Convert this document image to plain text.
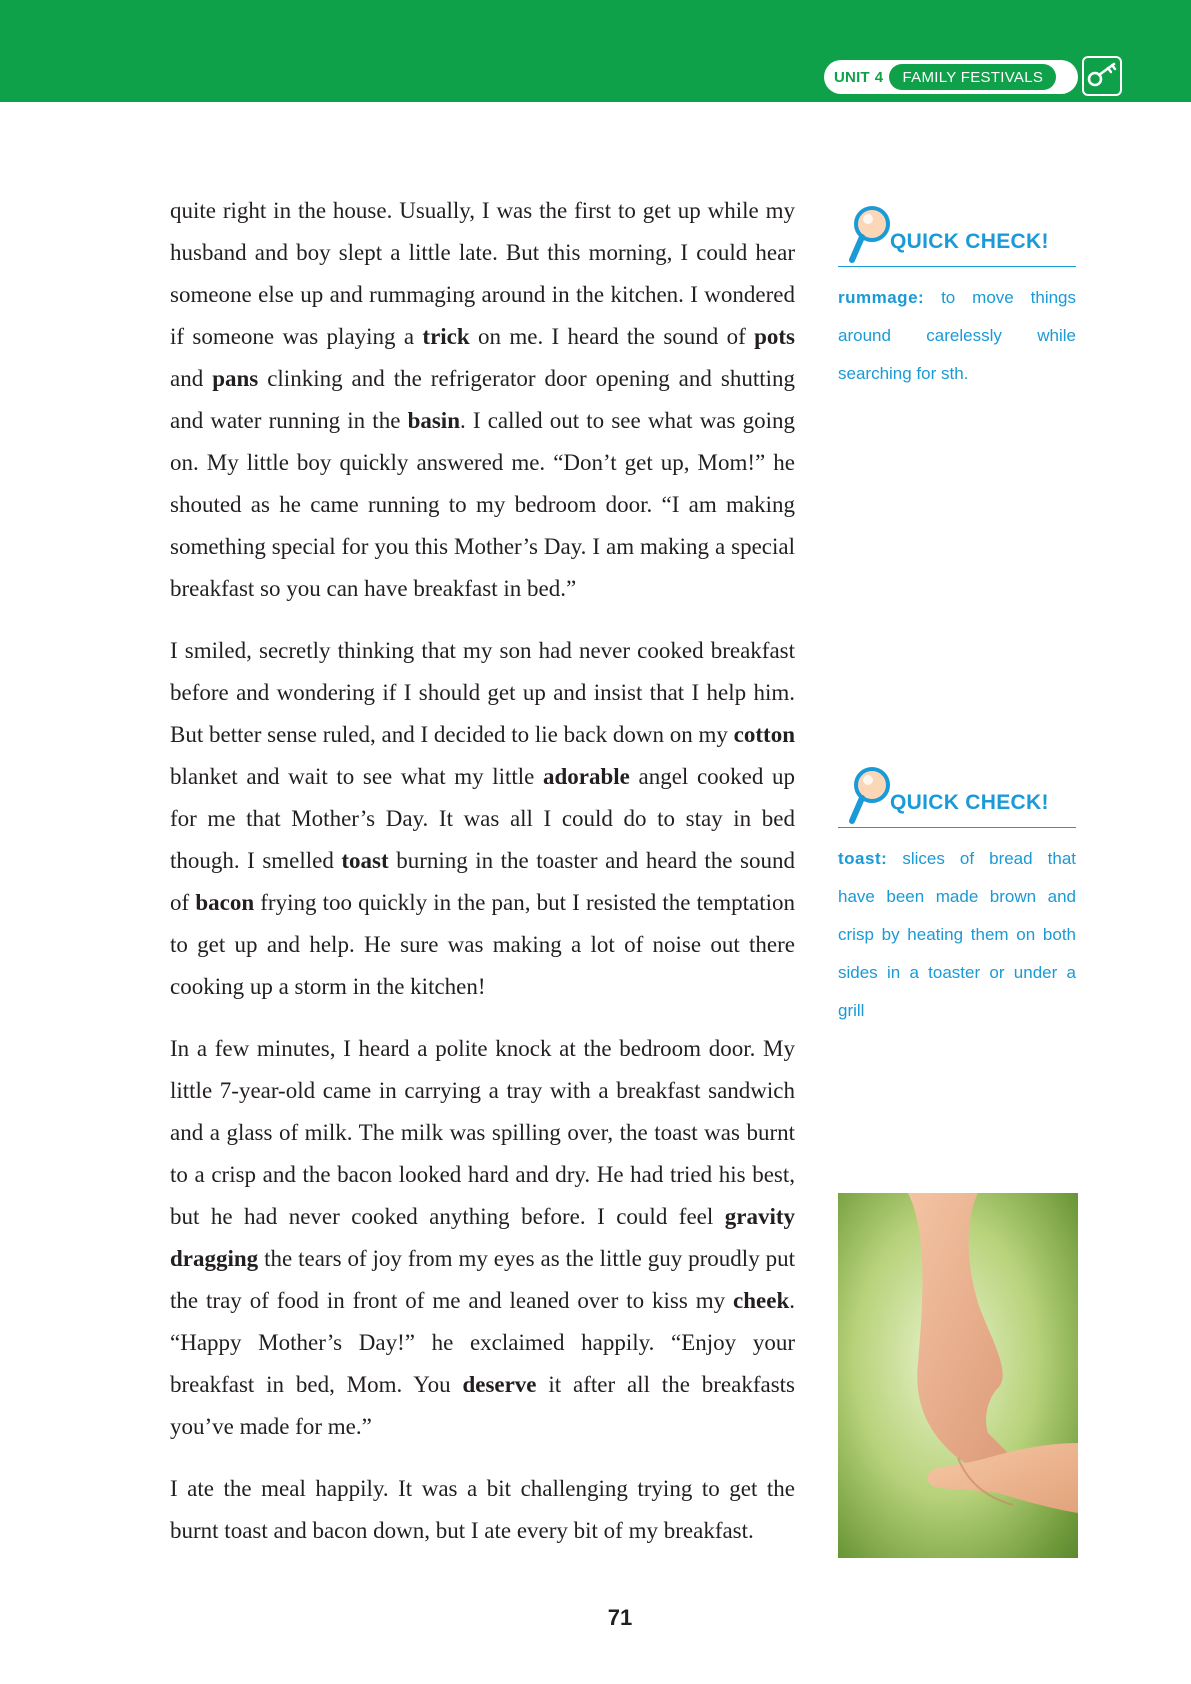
UNIT 4	FAMILY FESTIVALS

quite right in the house. Usually, I was the first to get up while my husband and boy slept a little late. But this morning, I could hear someone else up and rummaging around in the kitchen. I wondered if someone was playing a trick on me. I heard the sound of pots and pans clinking and the refrigerator door opening and shutting and water running in the basin. I called out to see what was going on. My little boy quickly answered me. “Don’t get up, Mom!” he shouted as he came running to my bedroom door. “I am making something special for you this Mother’s Day. I am making a special breakfast so you can have breakfast in bed.”

I smiled, secretly thinking that my son had never cooked breakfast before and wondering if I should get up and insist that I help him. But better sense ruled, and I decided to lie back down on my cotton blanket and wait to see what my little adorable angel cooked up for me that Mother’s Day. It was all I could do to stay in bed though. I smelled toast burning in the toaster and heard the sound of bacon frying too quickly in the pan, but I resisted the temptation to get up and help. He sure was making a lot of noise out there cooking up a storm in the kitchen!

In a few minutes, I heard a polite knock at the bedroom door. My little 7-year-old came in carrying a tray with a breakfast sandwich and a glass of milk. The milk was spilling over, the toast was burnt to a crisp and the bacon looked hard and dry. He had tried his best, but he had never cooked anything before. I could feel gravity dragging the tears of joy from my eyes as the little guy proudly put the tray of food in front of me and leaned over to kiss my cheek. “Happy Mother’s Day!” he exclaimed happily. “Enjoy your breakfast in bed, Mom. You deserve it after all the breakfasts you’ve made for me.”

I ate the meal happily. It was a bit challenging trying to get the burnt toast and bacon down, but I ate every bit of my breakfast.

QUICK CHECK!
rummage: to move things around carelessly while searching for sth.
QUICK CHECK!
toast: slices of bread that have been made brown and crisp by heating them on both sides in a toaster or under a grill
71
